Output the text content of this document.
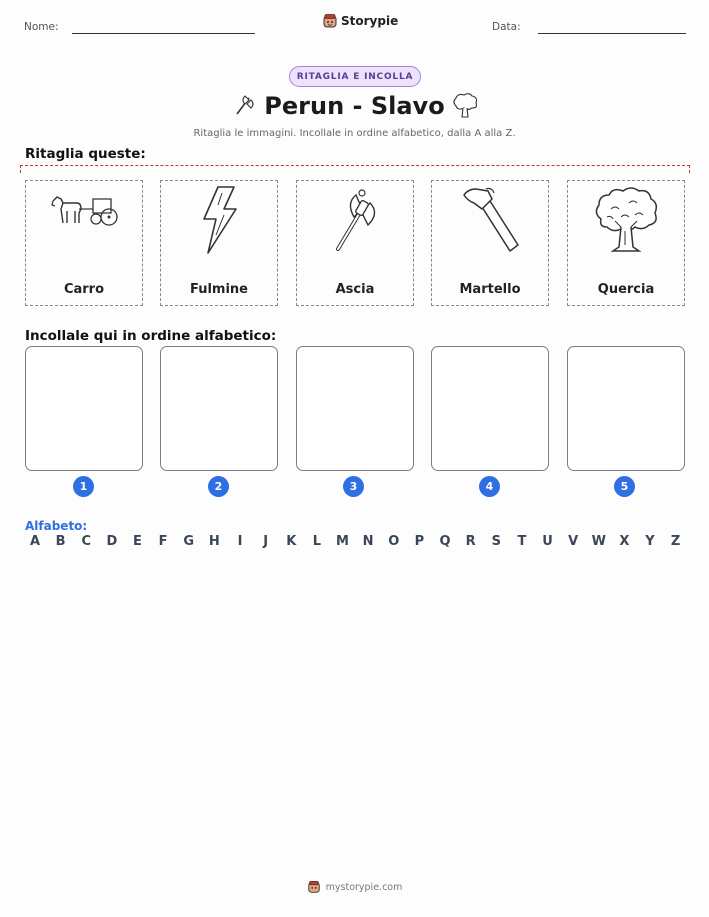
Nome:	Storypie	Data:
RITAGLIA E INCOLLA
Perun - Slavo
Ritaglia le immagini. Incollale in ordine alfabetico, dalla A alla Z.
Ritaglia queste:
Carro	Fulmine	Ascia	Martello	Quercia
Incollale qui in ordine alfabetico:
1	2	3	4	5
Alfabeto:
A	B	C	D	E	F	G	H	I	J	K	L	M	N	O	P	Q	R	S	T	U	V	W	X	Y	Z
mystorypie.com
